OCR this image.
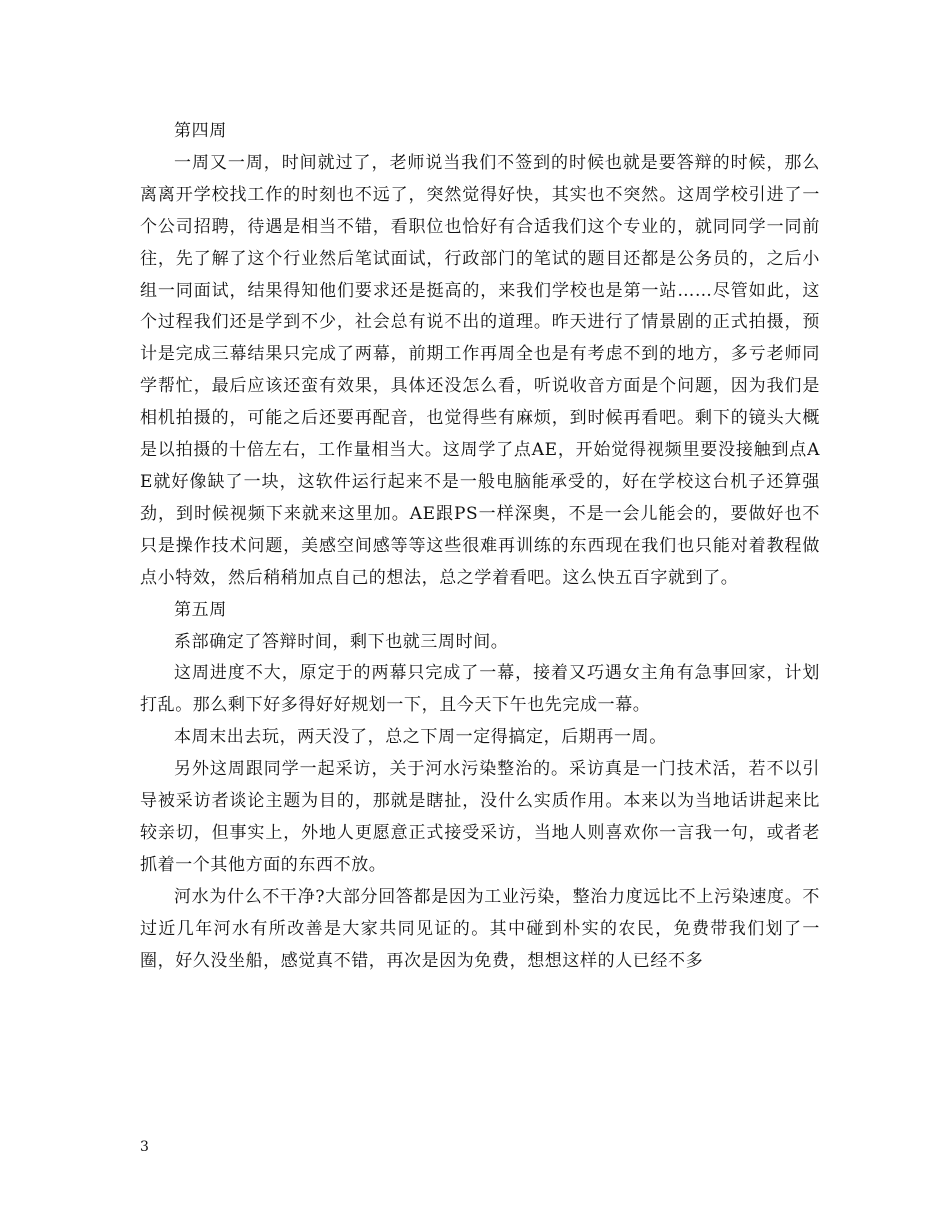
第四周

一周又一周，时间就过了，老师说当我们不签到的时候也就是要答辩的时候，那么离离开学校找工作的时刻也不远了，突然觉得好快，其实也不突然。这周学校引进了一个公司招聘，待遇是相当不错，看职位也恰好有合适我们这个专业的，就同同学一同前往，先了解了这个行业然后笔试面试，行政部门的笔试的题目还都是公务员的，之后小组一同面试，结果得知他们要求还是挺高的，来我们学校也是第一站……尽管如此，这个过程我们还是学到不少，社会总有说不出的道理。昨天进行了情景剧的正式拍摄，预计是完成三幕结果只完成了两幕，前期工作再周全也是有考虑不到的地方，多亏老师同学帮忙，最后应该还蛮有效果，具体还没怎么看，听说收音方面是个问题，因为我们是相机拍摄的，可能之后还要再配音，也觉得些有麻烦，到时候再看吧。剩下的镜头大概是以拍摄的十倍左右，工作量相当大。这周学了点AE，开始觉得视频里要没接触到点AE就好像缺了一块，这软件运行起来不是一般电脑能承受的，好在学校这台机子还算强劲，到时候视频下来就来这里加。AE跟PS一样深奥，不是一会儿能会的，要做好也不只是操作技术问题，美感空间感等等这些很难再训练的东西现在我们也只能对着教程做点小特效，然后稍稍加点自己的想法，总之学着看吧。这么快五百字就到了。

第五周

系部确定了答辩时间，剩下也就三周时间。

这周进度不大，原定于的两幕只完成了一幕，接着又巧遇女主角有急事回家，计划打乱。那么剩下好多得好好规划一下，且今天下午也先完成一幕。

本周末出去玩，两天没了，总之下周一定得搞定，后期再一周。

另外这周跟同学一起采访，关于河水污染整治的。采访真是一门技术活，若不以引导被采访者谈论主题为目的，那就是瞎扯，没什么实质作用。本来以为当地话讲起来比较亲切，但事实上，外地人更愿意正式接受采访，当地人则喜欢你一言我一句，或者老抓着一个其他方面的东西不放。

河水为什么不干净?大部分回答都是因为工业污染，整治力度远比不上污染速度。不过近几年河水有所改善是大家共同见证的。其中碰到朴实的农民，免费带我们划了一圈，好久没坐船，感觉真不错，再次是因为免费，想想这样的人已经不多

3
